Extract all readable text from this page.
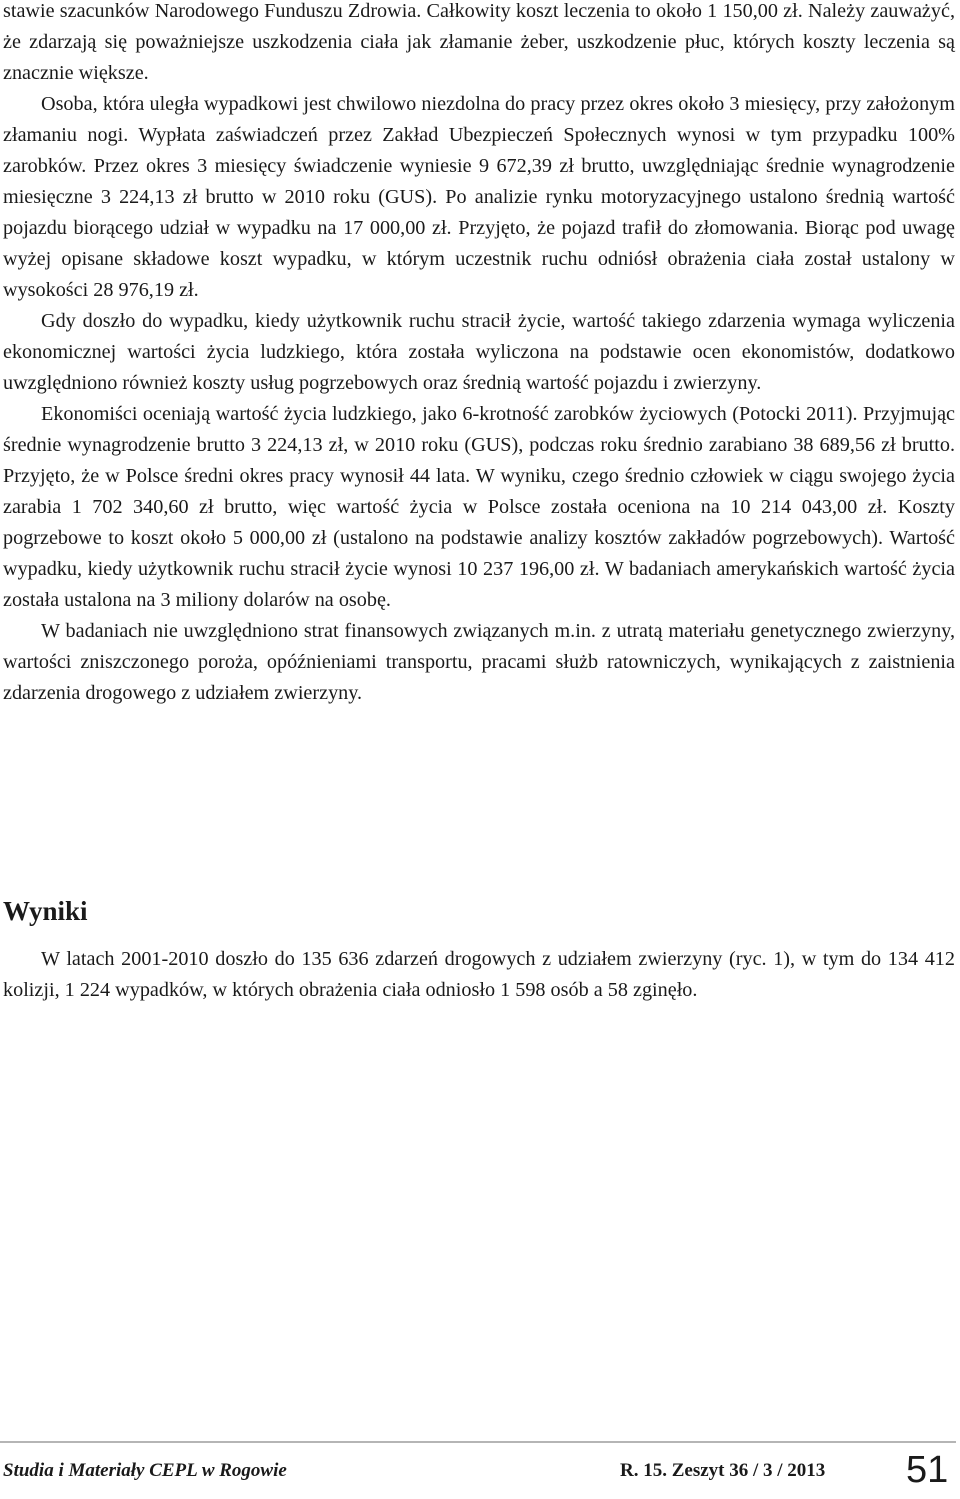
stawie szacunków Narodowego Funduszu Zdrowia. Całkowity koszt leczenia to około 1 150,00 zł. Należy zauważyć, że zdarzają się poważniejsze uszkodzenia ciała jak złamanie żeber, uszkodzenie płuc, których koszty leczenia są znacznie większe.

Osoba, która uległa wypadkowi jest chwilowo niezdolna do pracy przez okres około 3 miesięcy, przy założonym złamaniu nogi. Wypłata zaświadczeń przez Zakład Ubezpieczeń Społecznych wynosi w tym przypadku 100% zarobków. Przez okres 3 miesięcy świadczenie wyniesie 9 672,39 zł brutto, uwzględniając średnie wynagrodzenie miesięczne 3 224,13 zł brutto w 2010 roku (GUS). Po analizie rynku motoryzacyjnego ustalono średnią wartość pojazdu biorącego udział w wypadku na 17 000,00 zł. Przyjęto, że pojazd trafił do złomowania. Biorąc pod uwagę wyżej opisane składowe koszt wypadku, w którym uczestnik ruchu odniósł obrażenia ciała został ustalony w wysokości 28 976,19 zł.

Gdy doszło do wypadku, kiedy użytkownik ruchu stracił życie, wartość takiego zdarzenia wymaga wyliczenia ekonomicznej wartości życia ludzkiego, która została wyliczona na podstawie ocen ekonomistów, dodatkowo uwzględniono również koszty usług pogrzebowych oraz średnią wartość pojazdu i zwierzyny.

Ekonomiści oceniają wartość życia ludzkiego, jako 6-krotność zarobków życiowych (Potocki 2011). Przyjmując średnie wynagrodzenie brutto 3 224,13 zł, w 2010 roku (GUS), podczas roku średnio zarabiano 38 689,56 zł brutto. Przyjęto, że w Polsce średni okres pracy wynosił 44 lata. W wyniku, czego średnio człowiek w ciągu swojego życia zarabia 1 702 340,60 zł brutto, więc wartość życia w Polsce została oceniona na 10 214 043,00 zł. Koszty pogrzebowe to koszt około 5 000,00 zł (ustalono na podstawie analizy kosztów zakładów pogrzebowych). Wartość wypadku, kiedy użytkownik ruchu stracił życie wynosi 10 237 196,00 zł. W badaniach amerykańskich wartość życia została ustalona na 3 miliony dolarów na osobę.

W badaniach nie uwzględniono strat finansowych związanych m.in. z utratą materiału genetycznego zwierzyny, wartości zniszczonego poroża, opóźnieniami transportu, pracami służb ratowniczych, wynikających z zaistnienia zdarzenia drogowego z udziałem zwierzyny.

Wyniki

W latach 2001-2010 doszło do 135 636 zdarzeń drogowych z udziałem zwierzyny (ryc. 1), w tym do 134 412 kolizji, 1 224 wypadków, w których obrażenia ciała odniosło 1 598 osób a 58 zginęło.

Studia i Materiały CEPL w Rogowie	R. 15. Zeszyt 36 / 3 / 2013 51
